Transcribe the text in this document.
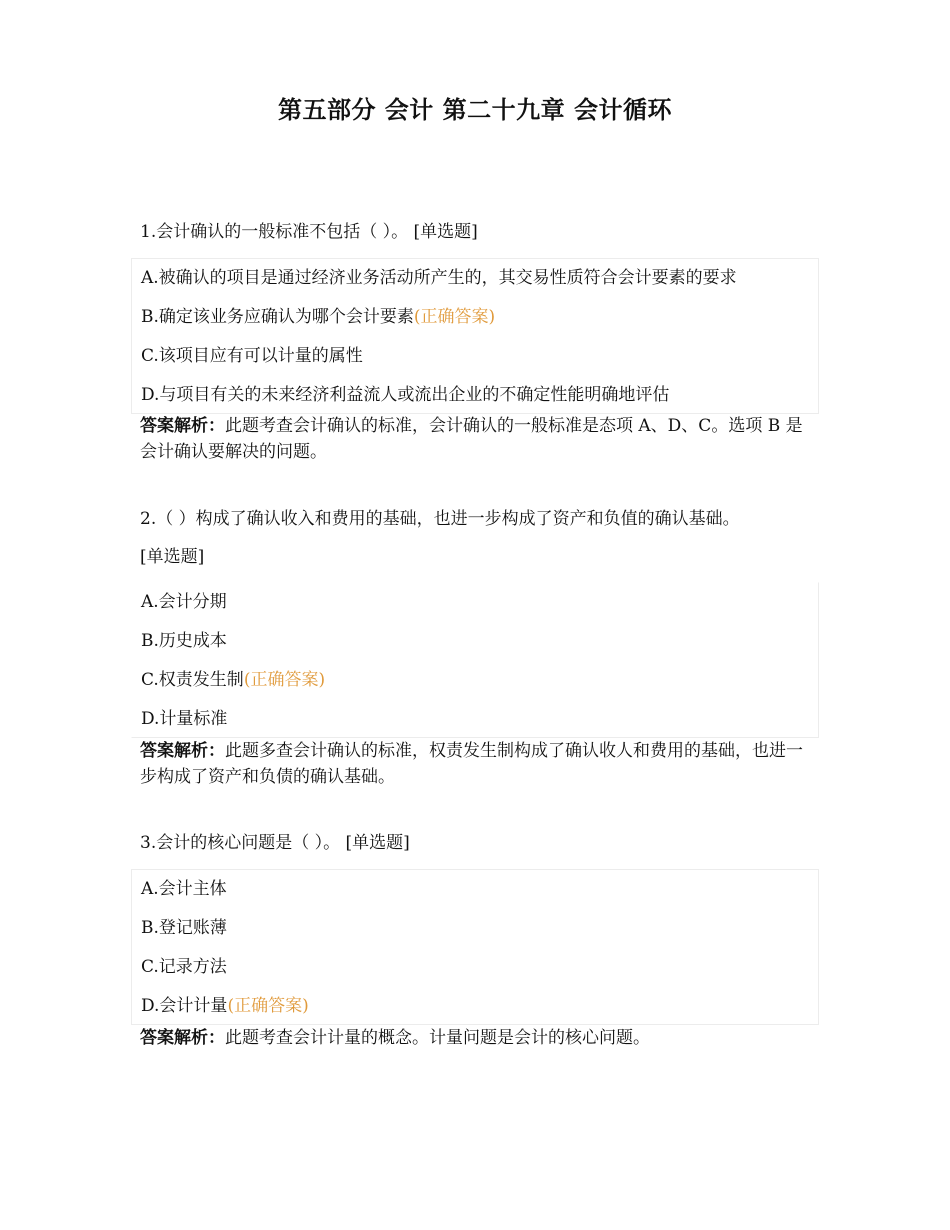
第五部分 会计 第二十九章 会计循环
1.会计确认的一般标准不包括（ ）。 [单选题]
A.被确认的项目是通过经济业务活动所产生的，其交易性质符合会计要素的要求
B.确定该业务应确认为哪个会计要素(正确答案)
C.该项目应有可以计量的属性
D.与项目有关的未来经济利益流人或流出企业的不确定性能明确地评估
答案解析：此题考查会计确认的标准，会计确认的一般标准是态项 A、D、C。选项 B 是会计确认要解决的问题。
2.（ ）构成了确认收入和费用的基础，也进一步构成了资产和负值的确认基础。
[单选题]
A.会计分期
B.历史成本
C.权责发生制(正确答案)
D.计量标准
答案解析：此题多查会计确认的标准，权责发生制构成了确认收人和费用的基础，也进一步构成了资产和负债的确认基础。
3.会计的核心问题是（ ）。 [单选题]
A.会计主体
B.登记账薄
C.记录方法
D.会计计量(正确答案)
答案解析：此题考查会计计量的概念。计量问题是会计的核心问题。
